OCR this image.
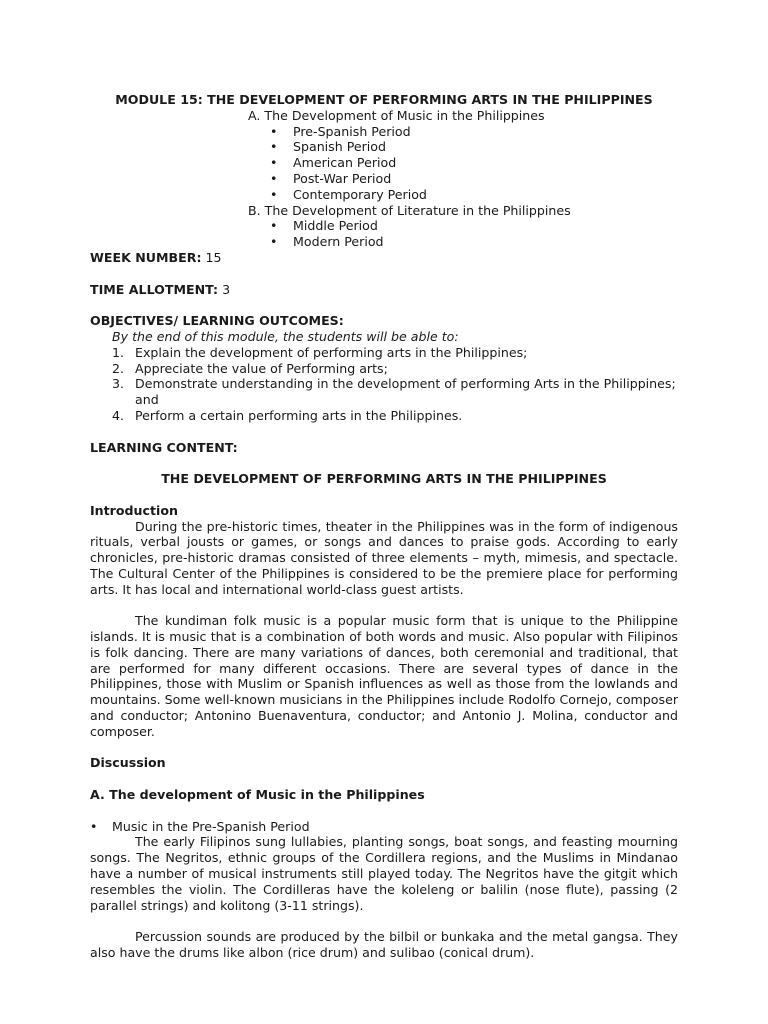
MODULE 15: THE DEVELOPMENT OF PERFORMING ARTS IN THE PHILIPPINES
A. The Development of Music in the Philippines
• Pre-Spanish Period
• Spanish Period
• American Period
• Post-War Period
• Contemporary Period
B. The Development of Literature in the Philippines
• Middle Period
• Modern Period
WEEK NUMBER: 15
TIME ALLOTMENT: 3
OBJECTIVES/ LEARNING OUTCOMES:
By the end of this module, the students will be able to:
1. Explain the development of performing arts in the Philippines;
2. Appreciate the value of Performing arts;
3. Demonstrate understanding in the development of performing Arts in the Philippines; and
4. Perform a certain performing arts in the Philippines.
LEARNING CONTENT:
THE DEVELOPMENT OF PERFORMING ARTS IN THE PHILIPPINES
Introduction

During the pre-historic times, theater in the Philippines was in the form of indigenous rituals, verbal jousts or games, or songs and dances to praise gods. According to early chronicles, pre-historic dramas consisted of three elements – myth, mimesis, and spectacle. The Cultural Center of the Philippines is considered to be the premiere place for performing arts. It has local and international world-class guest artists.

The kundiman folk music is a popular music form that is unique to the Philippine islands. It is music that is a combination of both words and music. Also popular with Filipinos is folk dancing. There are many variations of dances, both ceremonial and traditional, that are performed for many different occasions. There are several types of dance in the Philippines, those with Muslim or Spanish influences as well as those from the lowlands and mountains. Some well-known musicians in the Philippines include Rodolfo Cornejo, composer and conductor; Antonino Buenaventura, conductor; and Antonio J. Molina, conductor and composer.

Discussion
A. The development of Music in the Philippines
• Music in the Pre-Spanish Period

The early Filipinos sung lullabies, planting songs, boat songs, and feasting mourning songs. The Negritos, ethnic groups of the Cordillera regions, and the Muslims in Mindanao have a number of musical instruments still played today. The Negritos have the gitgit which resembles the violin. The Cordilleras have the koleleng or balilin (nose flute), passing (2 parallel strings) and kolitong (3-11 strings).

Percussion sounds are produced by the bilbil or bunkaka and the metal gangsa. They also have the drums like albon (rice drum) and sulibao (conical drum).
